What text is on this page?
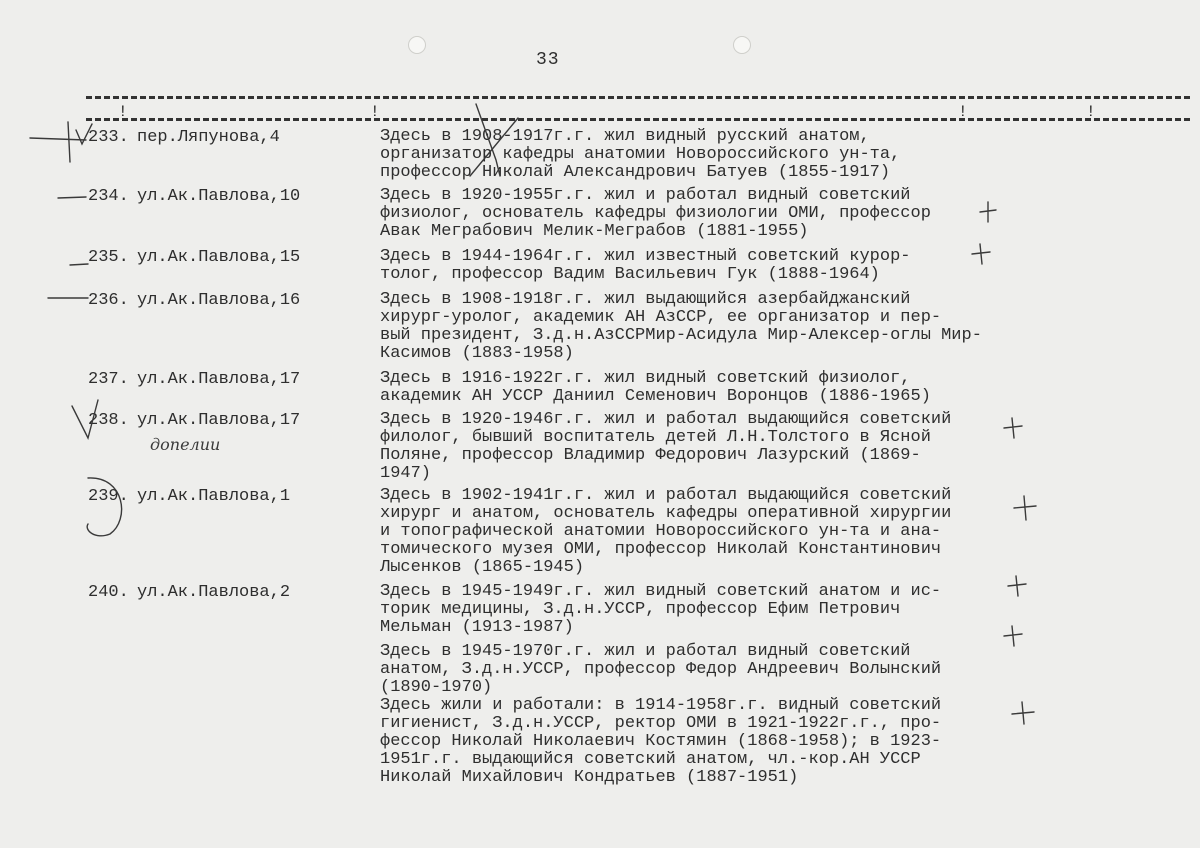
33
!	!	!	!
233. пер.Ляпунова,4	Здесь в 1908-1917г.г. жил видный русский анатом,
организатор кафедры анатомии Новороссийского ун-та,
профессор Николай Александрович Батуев (1855-1917)
234. ул.Ак.Павлова,10	Здесь в 1920-1955г.г. жил и работал видный советский
физиолог, основатель кафедры физиологии ОМИ, профессор
Авак Меграбович Мелик-Меграбов (1881-1955)
235. ул.Ак.Павлова,15	Здесь в 1944-1964г.г. жил известный советский курор-
толог, профессор Вадим Васильевич Гук (1888-1964)
236. ул.Ак.Павлова,16	Здесь в 1908-1918г.г. жил выдающийся азербайджанский
хирург-уролог, академик АН АзССР, ее организатор и пер-
вый президент, З.д.н.АзССРМир-Асидула Мир-Алексер-оглы Мир-
Касимов (1883-1958)
237. ул.Ак.Павлова,17	Здесь в 1916-1922г.г. жил видный советский физиолог,
академик АН УССР Даниил Семенович Воронцов (1886-1965)
238. ул.Ак.Павлова,17	Здесь в 1920-1946г.г. жил и работал выдающийся советский
филолог, бывший воспитатель детей Л.Н.Толстого в Ясной
Поляне, профессор Владимир Федорович Лазурский (1869-
1947)
239. ул.Ак.Павлова,1	Здесь в 1902-1941г.г. жил и работал выдающийся советский
хирург и анатом, основатель кафедры оперативной хирургии
и топографической анатомии Новороссийского ун-та и ана-
томического музея ОМИ, профессор Николай Константинович
Лысенков (1865-1945)
240. ул.Ак.Павлова,2	Здесь в 1945-1949г.г. жил видный советский анатом и ис-
торик медицины, З.д.н.УССР, профессор Ефим Петрович
Мельман (1913-1987)
Здесь в 1945-1970г.г. жил и работал видный советский
анатом, З.д.н.УССР, профессор Федор Андреевич Волынский
(1890-1970)
Здесь жили и работали: в 1914-1958г.г. видный советский
гигиенист, З.д.н.УССР, ректор ОМИ в 1921-1922г.г., про-
фессор Николай Николаевич Костямин (1868-1958); в 1923-
1951г.г. выдающийся советский анатом, чл.-кор.АН УССР
Николай Михайлович Кондратьев (1887-1951)
допелии
